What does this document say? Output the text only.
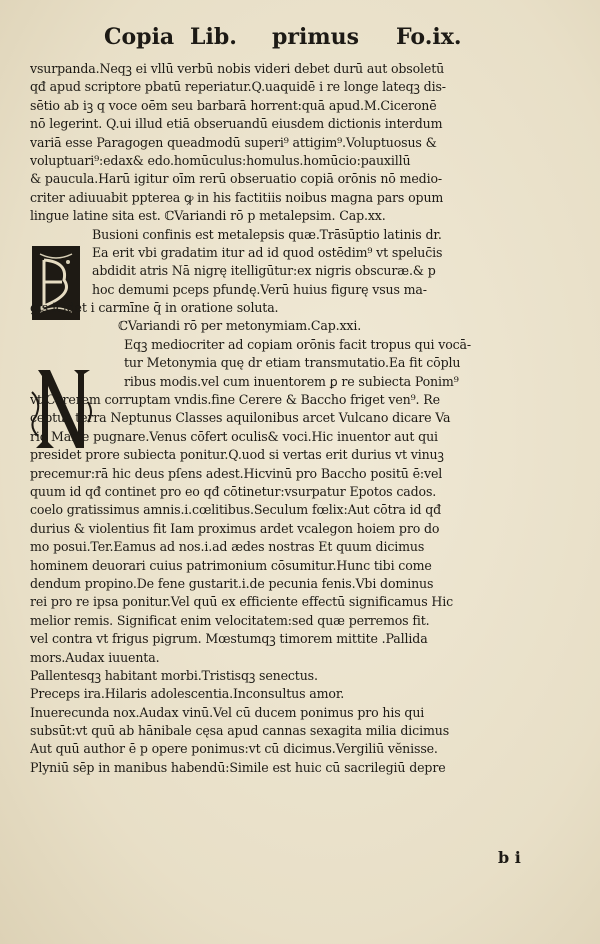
Copia Lib. primus Fo.ix.
vsurpanda.Neqꝫ ei vllū verbū nobis videri debet durū aut obsoletū
qđ apud scriptore pbatū reperiatur.Q.uaquidē i re longe lateqꝫ dis-
sētio ab iꝫ q voce oēm seu barbarā horrent:quā apud.M.Ciceronē
nō legerint. Q.ui illud etiā obseruandū eiusdem dictionis interdum
variā esse Paragogen queadmodū superi⁹ attigim⁹.Voluptuosus &
voluptuari⁹:edax& edo.homūculus:homulus.homūcio:pauxillū
& paucula.Harū igitur oīm rerū obseruatio copiā orōnis nō medio-
criter adiuuabit ppterea ꝙ in his factitiis noibus magna pars opum
lingue latine sita est. ℂVariandi rō p metalepsim. Cap.xx.
Busioni confinis est metalepsis quæ.Trāsūptio latinis dr.
Ea erit vbi gradatim itur ad id quod ostēdim⁹ vt speluc̄is
abdidit atris Nā nigrę itelligūtur:ex nigris obscuræ.& p
hoc demumi pceps pfundę.Verū huius figurę vsus ma-
gis icidet i carmīne q̄ in oratione soluta.
ℂVariandi rō per metonymiam.Cap.xxi.
Eqꝫ mediocriter ad copiam orōnis facit tropus qui vocā-
tur Metonymia quę dr etiam transmutatio.Ea fit cōplu
ribus modis.vel cum inuentorem ꝑ re subiecta Ponim⁹
vt Cererem corruptam vndis.fine Cerere & Baccho friget ven⁹. Re
ceptus terra Neptunus Classes aquilonibus arcet Vulcano dicare Va
rio Marte pugnare.Venus cōfert oculis& voci.Hic inuentor aut qui
presidet prore subiecta ponitur.Q.uod si vertas erit durius vt vinuꝫ
precemur:rā hic deus pſens adest.Hicvinū pro Baccho positū ē:vel
quum id qđ continet pro eo qđ cōtinetur:vsurpatur Epotos cados.
coelo gratissimus amnis.i.cœlitibus.Seculum fœlix:Aut cōtra id qđ
durius & violentius fit Iam proximus ardet vcalegon hoiem pro do
mo posui.Ter.Eamus ad nos.i.ad ædes nostras Et quum dicimus
hominem deuorari cuius patrimonium cōsumitur.Hunc tibi come
dendum propino.De fene gustarit.i.de pecunia fenis.Vbi dominus
rei pro re ipsa ponitur.Vel quū ex efficiente effectū significamus Hic
melior remis. Significat enim velocitatem:sed quæ perremos fit.
vel contra vt frigus pigrum. Mœstumqꝫ timorem mittite .Pallida
mors.Audax iuuenta.
Pallentesqꝫ habitant morbi.Tristisqꝫ senectus.
Preceps ira.Hilaris adolescentia.Inconsultus amor.
Inuerecunda nox.Audax vinū.Vel cū ducem ponimus pro his qui
subsūt:vt quū ab hānibale cęsa apud cannas sexagita milia dicimus
Aut quū author ē p opere ponimus:vt cū dicimus.Vergiliū vĕnisse.
Plyniū sēp in manibus habendū:Simile est huic cū sacrilegiū depre
b i
